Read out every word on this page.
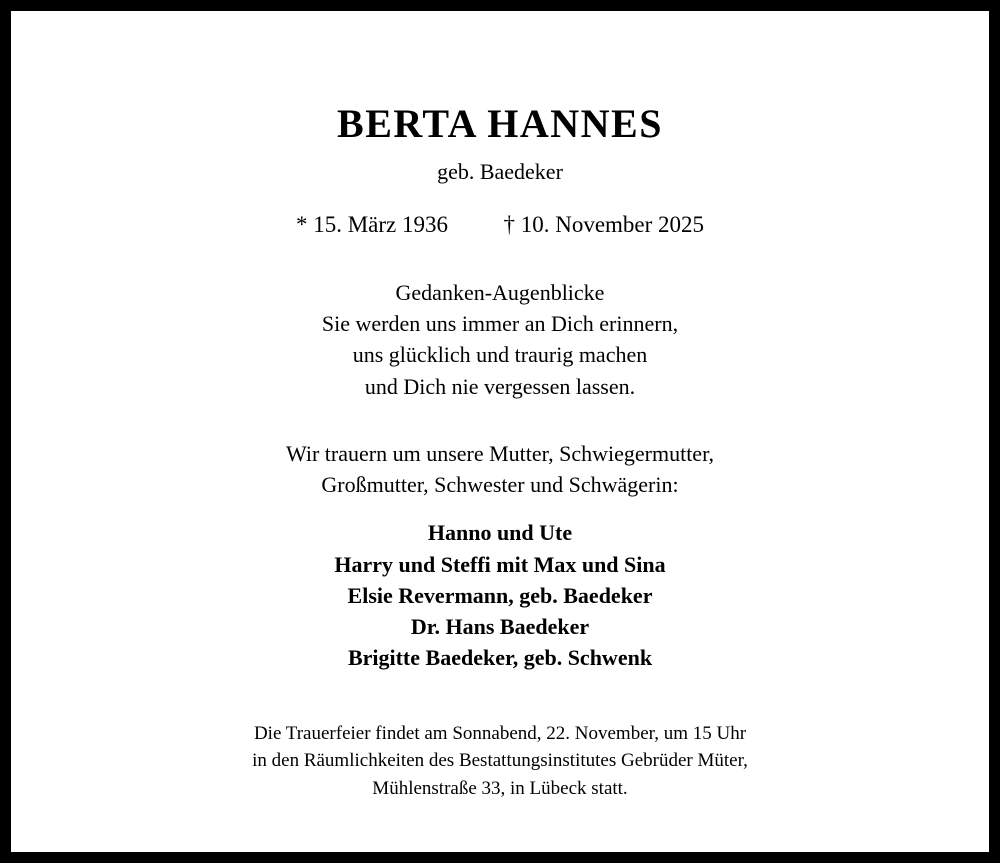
BERTA HANNES
geb. Baedeker
* 15. März 1936 † 10. November 2025
Gedanken-Augenblicke
Sie werden uns immer an Dich erinnern,
uns glücklich und traurig machen
und Dich nie vergessen lassen.
Wir trauern um unsere Mutter, Schwiegermutter,
Großmutter, Schwester und Schwägerin:
Hanno und Ute
Harry und Steffi mit Max und Sina
Elsie Revermann, geb. Baedeker
Dr. Hans Baedeker
Brigitte Baedeker, geb. Schwenk
Die Trauerfeier findet am Sonnabend, 22. November, um 15 Uhr
in den Räumlichkeiten des Bestattungsinstitutes Gebrüder Müter,
Mühlenstraße 33, in Lübeck statt.
